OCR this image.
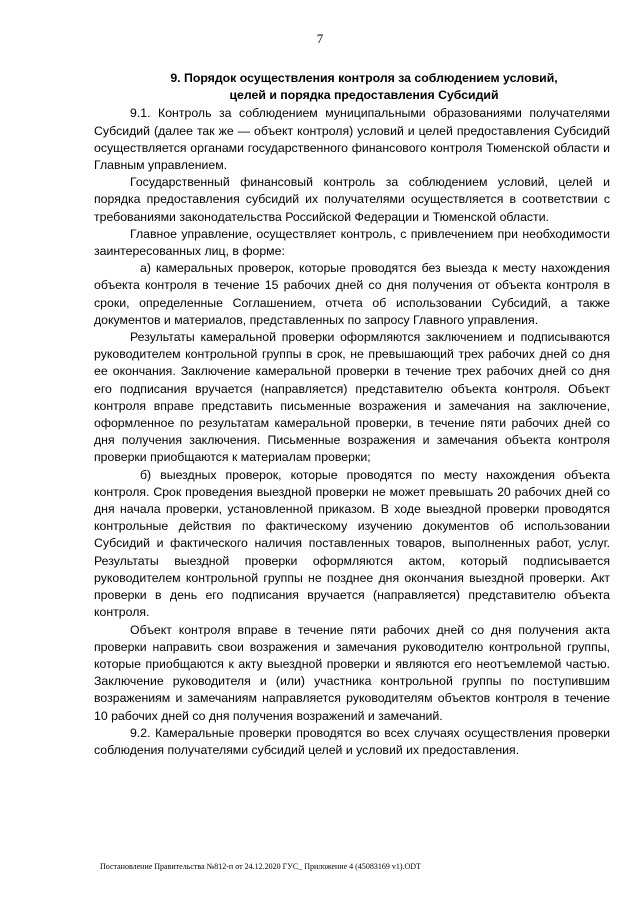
7
9. Порядок осуществления контроля за соблюдением условий,
целей и порядка предоставления Субсидий

9.1. Контроль за соблюдением муниципальными образованиями получателями Субсидий (далее так же — объект контроля) условий и целей предоставления Субсидий осуществляется органами государственного финансового контроля Тюменской области и Главным управлением.

Государственный финансовый контроль за соблюдением условий, целей и порядка предоставления субсидий их получателями осуществляется в соответствии с требованиями законодательства Российской Федерации и Тюменской области.

Главное управление, осуществляет контроль, с привлечением при необходимости заинтересованных лиц, в форме:

а) камеральных проверок, которые проводятся без выезда к месту нахождения объекта контроля в течение 15 рабочих дней со дня получения от объекта контроля в сроки, определенные Соглашением, отчета об использовании Субсидий, а также документов и материалов, представленных по запросу Главного управления.

Результаты камеральной проверки оформляются заключением и подписываются руководителем контрольной группы в срок, не превышающий трех рабочих дней со дня ее окончания. Заключение камеральной проверки в течение трех рабочих дней со дня его подписания вручается (направляется) представителю объекта контроля. Объект контроля вправе представить письменные возражения и замечания на заключение, оформленное по результатам камеральной проверки, в течение пяти рабочих дней со дня получения заключения. Письменные возражения и замечания объекта контроля проверки приобщаются к материалам проверки;

б) выездных проверок, которые проводятся по месту нахождения объекта контроля. Срок проведения выездной проверки не может превышать 20 рабочих дней со дня начала проверки, установленной приказом. В ходе выездной проверки проводятся контрольные действия по фактическому изучению документов об использовании Субсидий и фактического наличия поставленных товаров, выполненных работ, услуг. Результаты выездной проверки оформляются актом, который подписывается руководителем контрольной группы не позднее дня окончания выездной проверки. Акт проверки в день его подписания вручается (направляется) представителю объекта контроля.

Объект контроля вправе в течение пяти рабочих дней со дня получения акта проверки направить свои возражения и замечания руководителю контрольной группы, которые приобщаются к акту выездной проверки и являются его неотъемлемой частью. Заключение руководителя и (или) участника контрольной группы по поступившим возражениям и замечаниям направляется руководителям объектов контроля в течение 10 рабочих дней со дня получения возражений и замечаний.

9.2. Камеральные проверки проводятся во всех случаях осуществления проверки соблюдения получателями субсидий целей и условий их предоставления.

Постановление Правительства №812-п от 24.12.2020 ГУС_ Приложение 4 (45083169 v1).ODT
